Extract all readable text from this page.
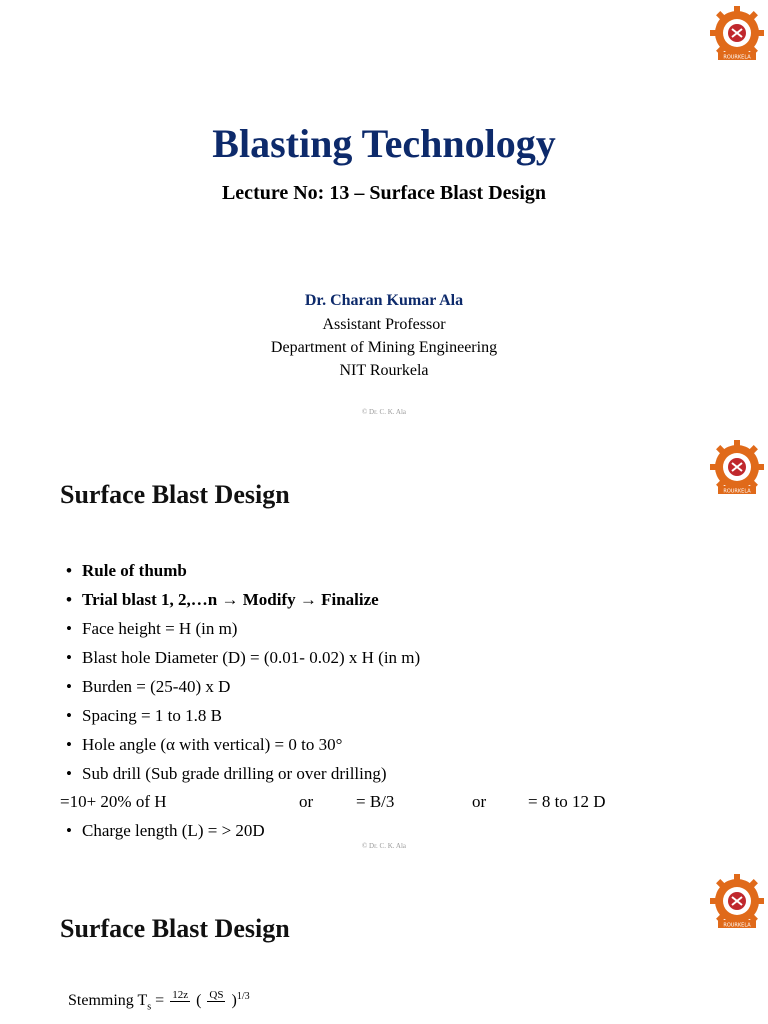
ROURKELA
Blasting Technology
Lecture No: 13 – Surface Blast Design
Dr. Charan Kumar Ala
Assistant Professor
Department of Mining Engineering
NIT Rourkela
© Dr. C. K. Ala
ROURKELA
Surface Blast Design
• Rule of thumb
• Trial blast 1, 2,…n → Modify → Finalize
• Face height = H (in m)
• Blast hole Diameter (D) = (0.01- 0.02) x H (in m)
• Burden = (25-40) x D
• Spacing = 1 to 1.8 B
• Hole angle (α with vertical) = 0 to 30°
• Sub drill (Sub grade drilling or over drilling)
=10+ 20% of H	or	= B/3	or = 8 to 12 D
• Charge length (L) = > 20D
© Dr. C. K. Ala
ROURKELA
Surface Blast Design
Stemming $T_s = 12z$
( QS
)$^{1/3}$
